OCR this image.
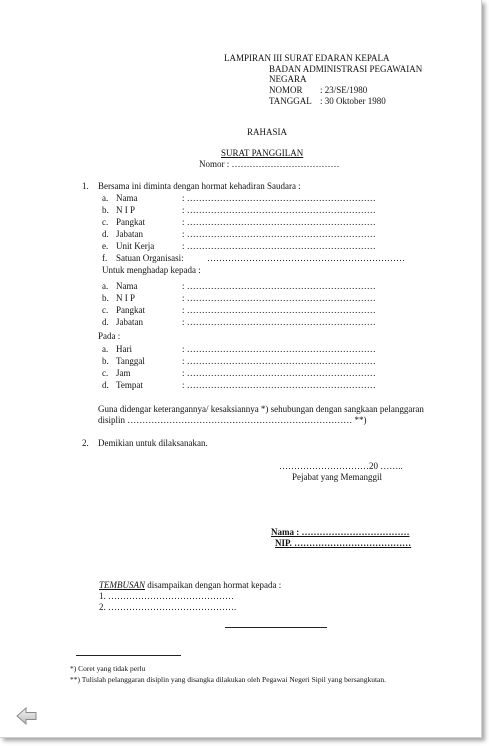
LAMPIRAN III SURAT EDARAN KEPALA
BADAN ADMINISTRASI PEGAWAIAN
NEGARA
NOMOR : 23/SE/1980
TANGGAL : 30 Oktober 1980
RAHASIA
SURAT PANGGILAN
Nomor : ………………………………
1. Bersama ini diminta dengan hormat kehadiran Saudara :
a. Nama	: ………………………………………………………
b. N I P	: ………………………………………………………
c. Pangkat	: ………………………………………………………
d. Jabatan	: ………………………………………………………
e. Unit Kerja	: ………………………………………………………
f. Satuan Organisasi:	…………………………………………………………
Untuk menghadap kepada :
a. Nama	: ………………………………………………………
b. N I P	: ………………………………………………………
c. Pangkat	: ………………………………………………………
d. Jabatan	: ………………………………………………………
Pada :
a. Hari	: ………………………………………………………
b. Tanggal	: ………………………………………………………
c. Jam	: ………………………………………………………
d. Tempat	: ………………………………………………………
Guna didengar keterangannya/ kesaksiannya *) sehubungan dengan sangkaan pelanggaran
disiplin ………………………………………………………………… **)
2. Demikian untuk dilaksanakan.
…………………………20 ……..
Pejabat yang Memanggil
Nama : ………………………………
NIP. …………………………………
TEMBUSAN disampaikan dengan hormat kepada :
1. ……………………………………
2. …………………………………….
*) Coret yang tidak perlu
**) Tulislah pelanggaran disiplin yang disangka dilakukan oleh Pegawai Negeri Sipil yang bersangkutan.
